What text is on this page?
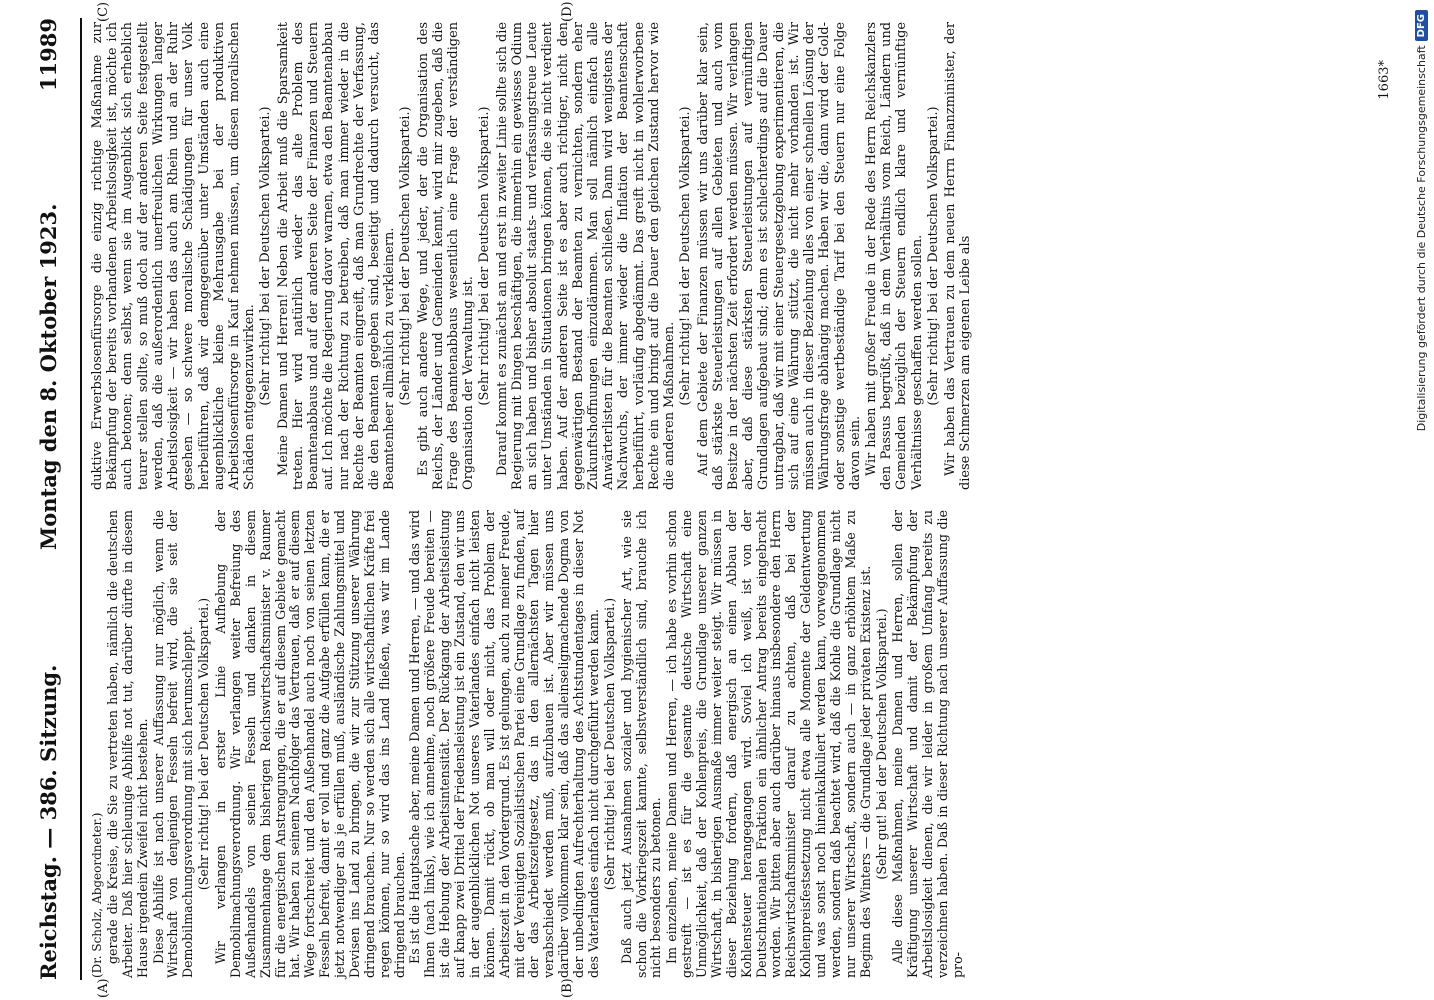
Reichstag. — 386. Sitzung.
Montag den 8. Oktober 1923.
11989
(A)	(B)
(C)	(D)

(Dr. Scholz, Abgeordneter.) gerade die Kreise, die Sie zu vertreten haben, nämlich die deutschen Arbeiter. Daß hier schleunige Abhilfe not tut, darüber dürfte in diesem Hause irgendein Zweifel nicht bestehen. Diese Abhilfe ist nach unserer Auffassung nur möglich, wenn die Wirtschaft von denjenigen Fesseln befreit wird, die sie seit der Demobilmachungsverordnung mit sich herumschleppt. (Sehr richtig! bei der Deutschen Volkspartei.) Wir verlangen in erster Linie Aufhebung der Demobilmachungsverordnung. Wir verlangen weiter Befreiung des Außenhandels von seinen Fesseln und danken in diesem Zusammenhange dem bisherigen Reichswirtschaftsminister v. Raumer für die energischen Anstrengungen, die er auf diesem Gebiete gemacht hat. Wir haben zu seinem Nachfolger das Vertrauen, daß er auf diesem Wege fortschreitet und den Außenhandel auch noch von seinen letzten Fesseln befreit, damit er voll und ganz die Aufgabe erfüllen kann, die er jetzt notwendiger als je erfüllen muß, ausländische Zahlungsmittel und Devisen ins Land zu bringen, die wir zur Stützung unserer Währung dringend brauchen. Nur so werden sich alle wirtschaftlichen Kräfte frei regen können, nur so wird das ins Land fließen, was wir im Lande dringend brauchen. Es ist die Hauptsache aber, meine Damen und Herren, — und das wird Ihnen (nach links), wie ich annehme, noch größere Freude bereiten — ist die Hebung der Arbeitsintensität. Der Rückgang der Arbeitsleistung auf knapp zwei Drittel der Friedensleistung ist ein Zustand, den wir uns in der augenblicklichen Not unseres Vaterlandes einfach nicht leisten können. Damit rückt, ob man will oder nicht, das Problem der Arbeitszeit in den Vordergrund. Es ist gelungen, auch zu meiner Freude, mit der Vereinigten Sozialistischen Partei eine Grundlage zu finden, auf der das Arbeitszeitgesetz, das in den allernächsten Tagen hier verabschiedet werden muß, aufzubauen ist. Aber wir müssen uns darüber vollkommen klar sein, daß das alleinseligmachende Dogma von der unbedingten Aufrechterhaltung des Achtstundentages in dieser Not des Vaterlandes einfach nicht durchgeführt werden kann. (Sehr richtig! bei der Deutschen Volkspartei.) Daß auch jetzt Ausnahmen sozialer und hygienischer Art, wie sie schon die Vorkriegszeit kannte, selbstverständlich sind, brauche ich nicht besonders zu betonen. Im einzelnen, meine Damen und Herren, — ich habe es vorhin schon gestreift — ist es für die gesamte deutsche Wirtschaft eine Unmöglichkeit, daß der Kohlenpreis, die Grundlage unserer ganzen Wirtschaft, in bisherigen Ausmaße immer weiter steigt. Wir müssen in dieser Beziehung fordern, daß energisch an einen Abbau der Kohlensteuer herangegangen wird. Soviel ich weiß, ist von der Deutschnationalen Fraktion ein ähnlicher Antrag bereits eingebracht worden. Wir bitten aber auch darüber hinaus insbesondere den Herrn Reichswirtschaftsminister darauf zu achten, daß bei der Kohlenpreisfestsetzung nicht etwa alle Momente der Geldentwertung und was sonst noch hineinkalkuliert werden kann, vorweggenommen werden, sondern daß beachtet wird, daß die Kohle die Grundlage nicht nur unserer Wirtschaft, sondern auch — in ganz erhöhtem Maße zu Beginn des Winters — die Grundlage jeder privaten Existenz ist. (Sehr gut! bei der Deutschen Volkspartei.) Alle diese Maßnahmen, meine Damen und Herren, sollen der Kräftigung unserer Wirtschaft und damit der Bekämpfung der Arbeitslosigkeit dienen, die wir leider in großem Umfang bereits zu verzeichnen haben. Daß in dieser Richtung nach unserer Auffassung die pro-

duktive Erwerbslosenfürsorge die einzig richtige Maßnahme zur Bekämpfung der bereits vorhandenen Arbeitslosigkeit ist, möchte ich auch betonen; denn selbst, wenn sie im Augenblick sich erheblich teurer stellen sollte, so muß doch auf der anderen Seite festgestellt werden, daß die außerordentlich unerfreulichen Wirkungen langer Arbeitslosigkeit — wir haben das auch am Rhein und an der Ruhr gesehen — so schwere moralische Schädigungen für unser Volk herbeiführen, daß wir demgegenüber unter Umständen auch eine augenblickliche kleine Mehrausgabe bei der produktiven Arbeitslosenfürsorge in Kauf nehmen müssen, um diesen moralischen Schäden entgegenzuwirken. (Sehr richtig! bei der Deutschen Volkspartei.) Meine Damen und Herren! Neben die Arbeit muß die Sparsamkeit treten. Hier wird natürlich wieder das alte Problem des Beamtenabbaus und auf der anderen Seite der Finanzen und Steuern auf. Ich möchte die Regierung davor warnen, etwa den Beamtenabbau nur nach der Richtung zu betreiben, daß man immer wieder in die Rechte der Beamten eingreift, daß man Grundrechte der Verfassung, die den Beamten gegeben sind, beseitigt und dadurch versucht, das Beamtenheer allmählich zu verkleinern. (Sehr richtig! bei der Deutschen Volkspartei.) Es gibt auch andere Wege, und jeder, der die Organisation des Reichs, der Länder und Gemeinden kennt, wird mir zugeben, daß die Frage des Beamtenabbaus wesentlich eine Frage der verständigen Organisation der Verwaltung ist. (Sehr richtig! bei der Deutschen Volkspartei.) Darauf kommt es zunächst an und erst in zweiter Linie sollte sich die Regierung mit Dingen beschäftigen, die immerhin ein gewisses Odium an sich haben und bisher absolut staats- und verfassungstreue Leute unter Umständen in Situationen bringen können, die sie nicht verdient haben. Auf der anderen Seite ist es aber auch richtiger, nicht den gegenwärtigen Bestand der Beamten zu vernichten, sondern eher Zukunftshoffnungen einzudämmen. Man soll nämlich einfach alle Anwärterlisten für die Beamten schließen. Dann wird wenigstens der Nachwuchs, der immer wieder die Inflation der Beamtenschaft herbeiführt, vorläufig abgedämmt. Das greift nicht in wohlerworbene Rechte ein und bringt auf die Dauer den gleichen Zustand hervor wie die anderen Maßnahmen.

(Sehr richtig! bei der Deutschen Volkspartei.) Auf dem Gebiete der Finanzen müssen wir uns darüber klar sein, daß stärkste Steuerleistungen auf allen Gebieten und auch vom Besitze in der nächsten Zeit erfordert werden müssen. Wir verlangen aber, daß diese stärksten Steuerleistungen auf vernünftigen Grundlagen aufgebaut sind; denn es ist schlechterdings auf die Dauer untragbar, daß wir mit einer Steuergesetzgebung experimentieren, die sich auf eine Währung stützt, die nicht mehr vorhanden ist. Wir müssen auch in dieser Beziehung alles von einer schnellen Lösung der Währungsfrage abhängig machen. Haben wir die, dann wird der Gold- oder sonstige wertbeständige Tarif bei den Steuern nur eine Folge davon sein. Wir haben mit großer Freude in der Rede des Herrn Reichskanzlers den Passus begrüßt, daß in dem Verhältnis vom Reich, Ländern und Gemeinden bezüglich der Steuern endlich klare und vernünftige Verhältnisse geschaffen werden sollen. (Sehr richtig! bei der Deutschen Volkspartei.) Wir haben das Vertrauen zu dem neuen Herrn Finanzminister, der diese Schmerzen am eigenen Leibe als

1663* Digitalisierung gefördert durch die Deutsche Forschungsgemeinschaft
DFG
